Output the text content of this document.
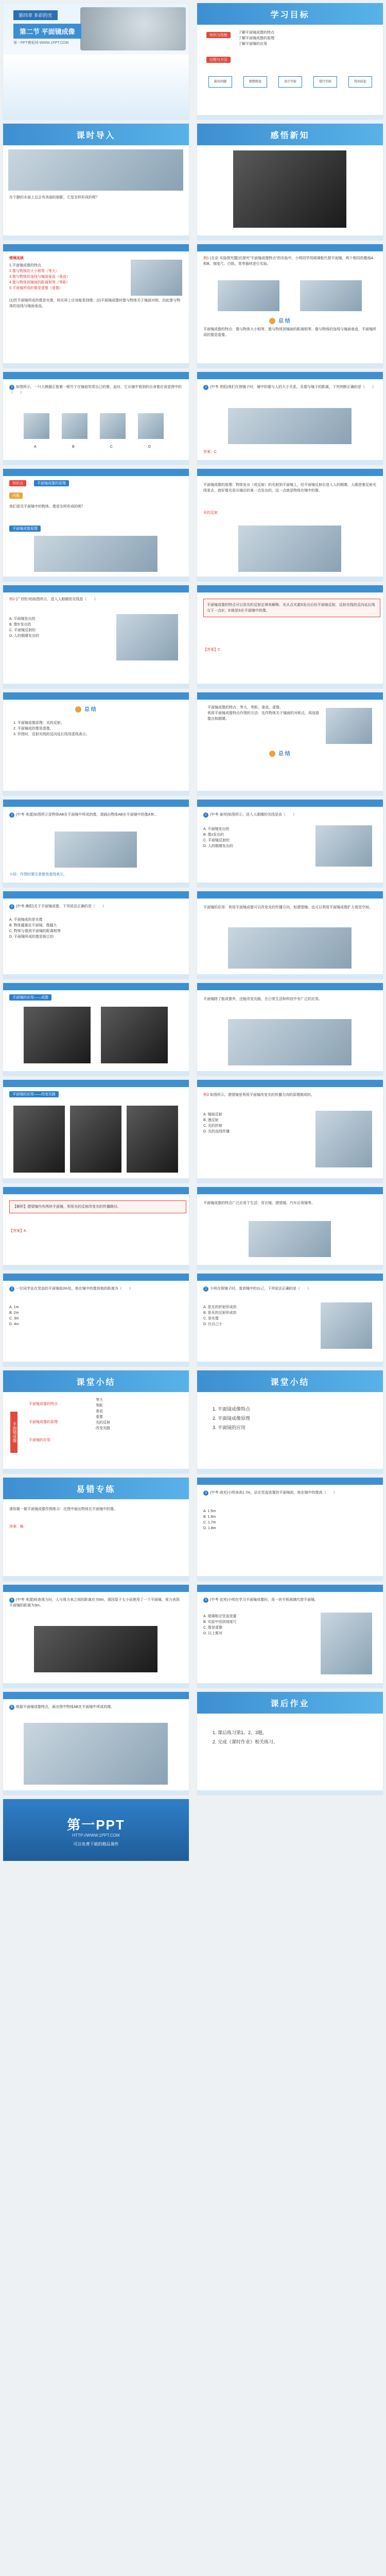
第四章 多彩的光
第二节 平面镜成像
第一PPT模板网-WWW.1PPT.COM
学习目标
知识与技能
了解平面镜成像的特点
了解平面镜成像的原理
了解平面镜的应用
过程与方法
提出问题	猜想假设	设计实验	进行实验	得出结论
课时导入
在宁静的水面上总会有美丽的倒影，它是怎样形成的呢？
感悟新知
情境延续
1.平面镜成像的特点
2.像与物体的大小相等（等大）
3.像与物体的连线与镜面垂直（垂直）
4.像与物体到镜面的距离相等（等距）
5.平面镜所成的像是虚像（虚像）
(1)若平面镜所成的像是实像，则光屏上应该能看到像；(2)平面镜成像时像与物体关于镜面对称，因此像与物体的连线与镜面垂直。
例1 (北京·实验探究题)在探究“平面镜成像特点”的实验中，小明同学用玻璃板代替平面镜，两个相同的蜡烛A和B、刻度尺、白纸、笔等器材进行实验。
总 结
平面镜成像的特点：像与物体大小相等，像与物体到镜面的距离相等，像与物体的连线与镜面垂直，平面镜所成的像是虚像。
1 如图所示，一只大熊猫正抱着一根竹子在镜前欣赏自己的像，此时，它从镜中看到的自身像应该是图中的（　　）
A	B	C	D
2 (中考·贵阳)我们在照镜子时，镜中的像与人的大小关系，及像与镜子的距离，下列判断正确的是（　　）
答案：C
知识点	平面镜成像的原理
问题
我们看见平面镜中的物体，像是怎样形成的呢？
平面镜成像原理
平面镜成像的原理：物体发出（或反射）的光射到平面镜上，经平面镜反射后进入人的眼睛，人眼逆着反射光线看去，就好像光是从镜后的某一点发出的，这一点就是物体在镜中的像。
光的反射
例2 (广西钦州)如图所示，进入人眼睛的光线是（　　）
A. 平面镜发出的
B. 像S'发出的
C. 平面镜反射的
D. 人的眼睛发出的
平面镜成像的特点可以用光的反射定律来解释。光从点光源S发出后经平面镜反射，反射光线的反向延长线交于一点S'，S'就是S在平面镜中的像。
【答案】C
总 结
1. 平面镜成像原理：光的反射。
2. 平面镜成的像是虚像。
3. 作图时，反射光线的反向延长线用虚线表示。
平面镜成像的特点：等大、等距、垂直、虚像。
利用平面镜成像特点作图的方法：先作物体关于镜面的对称点，再连接像点和眼睛。
总 结
1 (中考·来源)如图所示是物体AB在平面镜中所成的像，请画出物体AB在平面镜中的像A'B'。
小结：作图时要注意像用虚线表示。
2 (中考·泰州)如图所示，进入人眼睛的光线是由（　　）
A. 平面镜发出的
B. 像s发出的
C. 平面镜反射的
D. 人的眼睛发出的
3 (中考·衡阳)关于平面镜成像，下列说法正确的是（　　）
A. 平面镜成的是实像
B. 物体越靠近平面镜，像越大
C. 物体与像到平面镜的距离相等
D. 平面镜所成的像是倒立的
平面镜的应用：利用平面镜成像可以改变光的传播方向，如潜望镜；也可以利用平面镜成像扩大视觉空间。
平面镜的应用——成像	平面镜除了能成像外，还能改变光路，在日常生活和科技中有广泛的应用。
平面镜的应用——改变光路	例3 如图所示，潜望镜是利用平面镜改变光的传播方向的原理制成的。
A. 镜面反射
B. 漫反射
C. 光的折射
D. 光的直线传播
【解析】潜望镜内有两块平面镜，利用光的反射改变光的传播路径。
【答案】A
平面镜成像的特点广泛应用于生活：穿衣镜、潜望镜、汽车后视镜等。
1 一位同学站在竖直的平面镜前2m处，他在镜中的像到他的距离为（　　）
A. 1m
B. 2m
C. 3m
D. 4m
2 小明在照镜子时，看到镜中的自己，下列说法正确的是（　　）
A. 是光的折射形成的
B. 是光的反射形成的
C. 是实像
D. 比自己小
课堂小结
平面镜成像
平面镜成像的特点
平面镜成像的原理
平面镜的应用
等大
等距
垂直
虚像
光的反射
改变光路
课堂小结
1. 平面镜成像特点
2. 平面镜成像原理
3. 平面镜的应用
易错专练
请你做一做平面镜成像作图练习：在图中画出物体在平面镜中的像。
答案：略
3 (中考·南充)小明身高1.7m，站在竖直放置的平面镜前，他在镜中的像高（　　）
A. 1.5m
B. 1.6m
C. 1.7m
D. 1.8m
4 (中考·来源)检查视力时，人与视力表之间的距离应为5m，现因屋子太小而使用了一个平面镜，视力表到平面镜的距离为3m。
5 (中考·宜宾)小明在学习平面镜成像时，用一块平板玻璃代替平面镜。
A. 玻璃板应竖直放置
B. 实验中用到刻度尺
C. 像是虚像
D. 以上都对
6 根据平面镜成像特点，画出图中物体AB在平面镜中所成的像。	课后作业
1. 课后练习第1、2、3题。
2. 完成《课时作业》相关练习。
第一PPT
HTTP://WWW.1PPT.COM
可以免费下载的精品课件
